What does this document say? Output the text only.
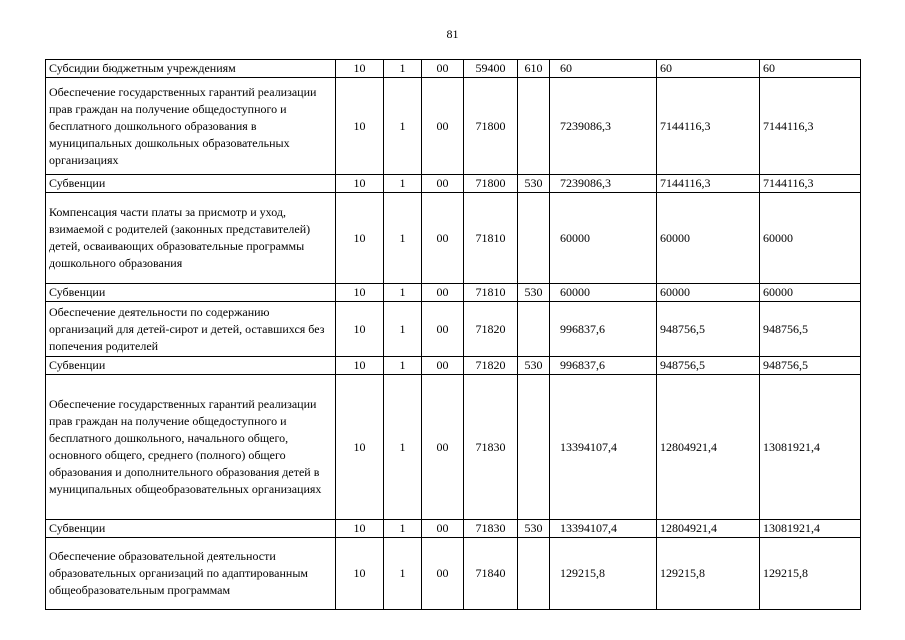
81
Субсидии бюджетным учреждениям	10	1	00	59400	610	60	60	60
Обеспечение государственных гарантий реализации прав граждан на получение общедоступного и бесплатного дошкольного образования в муниципальных дошкольных образовательных организациях	10	1	00	71800		7239086,3	7144116,3	7144116,3
Субвенции	10	1	00	71800	530	7239086,3	7144116,3	7144116,3
Компенсация части платы за присмотр и уход, взимаемой с родителей (законных представителей) детей, осваивающих образовательные программы дошкольного образования	10	1	00	71810		60000	60000	60000
Субвенции	10	1	00	71810	530	60000	60000	60000
Обеспечение деятельности по содержанию организаций для детей-сирот и детей, оставшихся без попечения родителей	10	1	00	71820		996837,6	948756,5	948756,5
Субвенции	10	1	00	71820	530	996837,6	948756,5	948756,5
Обеспечение государственных гарантий реализации прав граждан на получение общедоступного и бесплатного дошкольного, начального общего, основного общего, среднего (полного) общего образования и дополнительного образования детей в муниципальных общеобразовательных организациях	10	1	00	71830		13394107,4	12804921,4	13081921,4
Субвенции	10	1	00	71830	530	13394107,4	12804921,4	13081921,4
Обеспечение образовательной деятельности образовательных организаций по адаптированным общеобразовательным программам	10	1	00	71840		129215,8	129215,8	129215,8
